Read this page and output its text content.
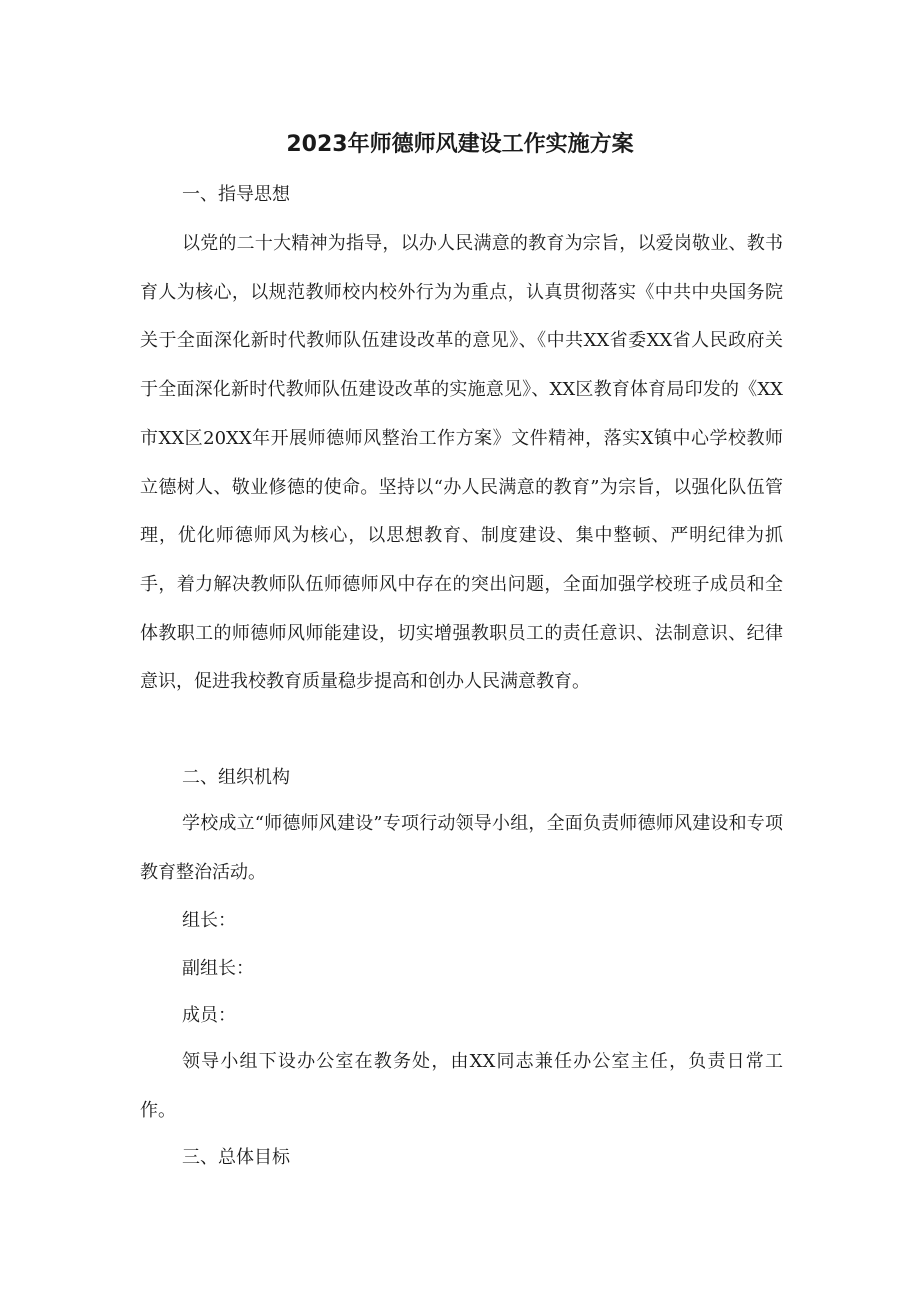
2023年师德师风建设工作实施方案

一、指导思想

以党的二十大精神为指导，以办人民满意的教育为宗旨，以爱岗敬业、教书育人为核心，以规范教师校内校外行为为重点，认真贯彻落实《中共中央国务院关于全面深化新时代教师队伍建设改革的意见》、《中共XX省委XX省人民政府关于全面深化新时代教师队伍建设改革的实施意见》、XX区教育体育局印发的《XX市XX区20XX年开展师德师风整治工作方案》文件精神，落实X镇中心学校教师立德树人、敬业修德的使命。坚持以“办人民满意的教育”为宗旨，以强化队伍管理，优化师德师风为核心，以思想教育、制度建设、集中整顿、严明纪律为抓手，着力解决教师队伍师德师风中存在的突出问题，全面加强学校班子成员和全体教职工的师德师风师能建设，切实增强教职员工的责任意识、法制意识、纪律意识，促进我校教育质量稳步提高和创办人民满意教育。

二、组织机构

学校成立“师德师风建设”专项行动领导小组，全面负责师德师风建设和专项教育整治活动。

组长：

副组长：

成员：

领导小组下设办公室在教务处，由XX同志兼任办公室主任，负责日常工作。

三、总体目标
